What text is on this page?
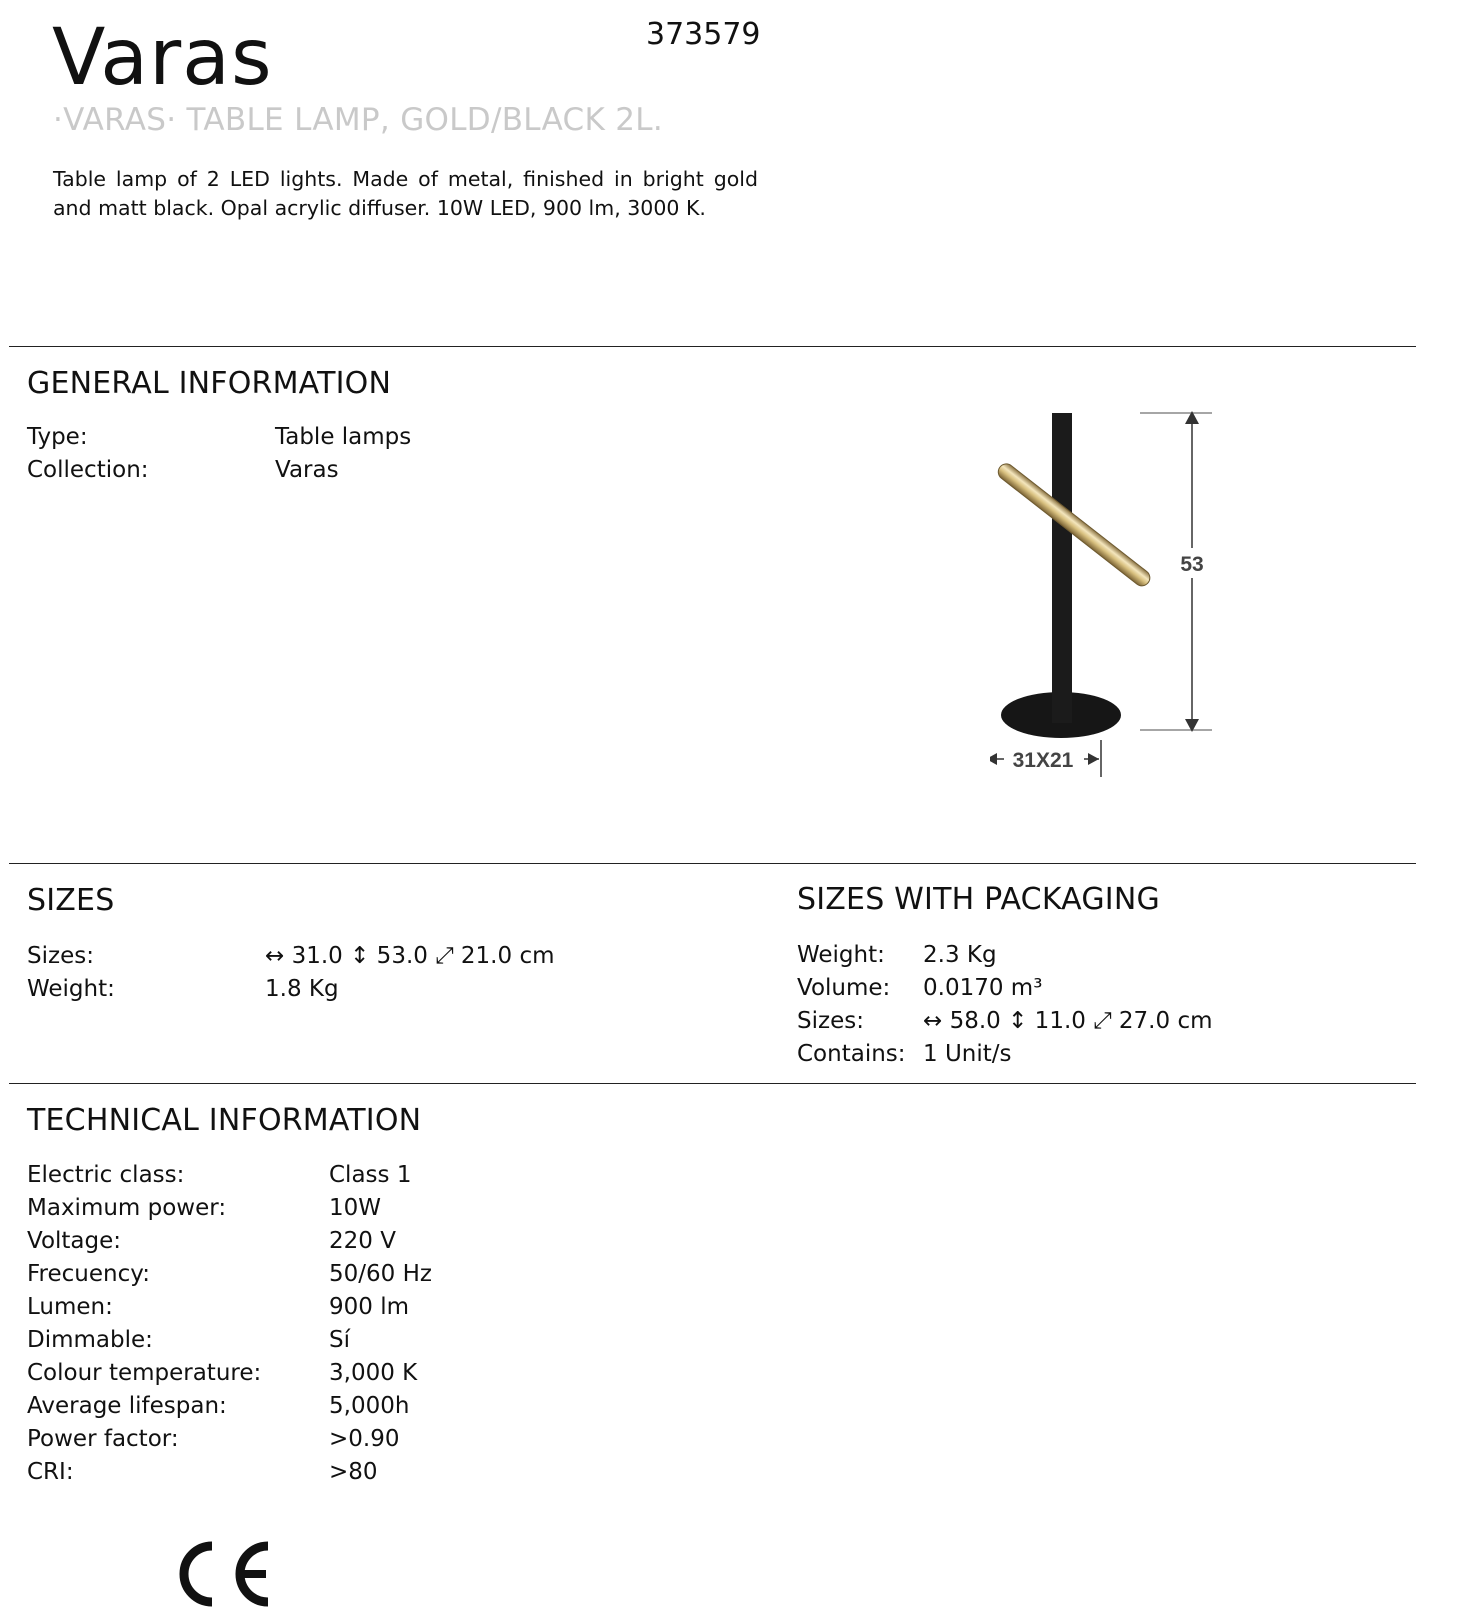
Varas	373579
·VARAS· TABLE LAMP, GOLD/BLACK 2L.
Table lamp of 2 LED lights. Made of metal, finished in bright gold and matt black. Opal acrylic diffuser. 10W LED, 900 lm, 3000 K.
GENERAL INFORMATION
Type:	Table lamps
Collection:	Varas
53
31X21
SIZES
Sizes:	↔ 31.0 ↕ 53.0 ⤢ 21.0 cm
Weight:	1.8 Kg
SIZES WITH PACKAGING
Weight: 2.3 Kg
Volume: 0.0170 m³
Sizes:	↔ 58.0 ↕ 11.0 ⤢ 27.0 cm
Contains: 1 Unit/s
TECHNICAL INFORMATION
Electric class:	Class 1
Maximum power:	10W
Voltage:	220 V
Frecuency:	50/60 Hz
Lumen:	900 lm
Dimmable:	Sí
Colour temperature:	3,000 K
Average lifespan:	5,000h
Power factor:	>0.90
CRI:	>80
